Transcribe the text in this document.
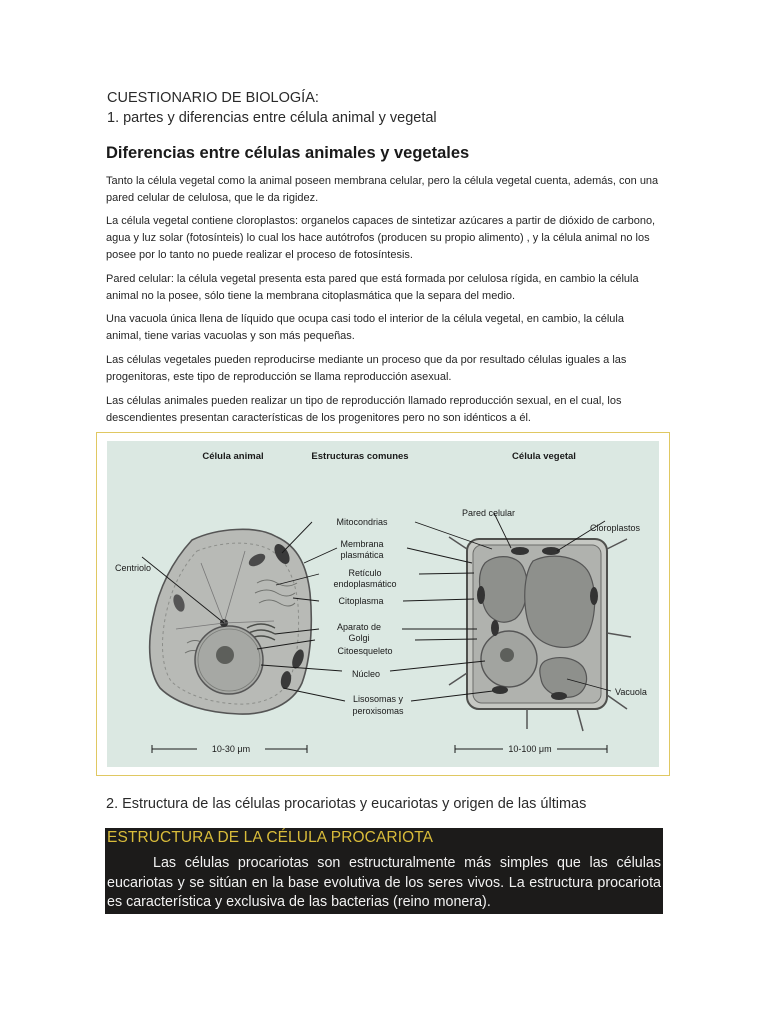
CUESTIONARIO DE BIOLOGÍA:
1. partes y diferencias entre célula animal y vegetal
Diferencias entre células animales y vegetales

Tanto la célula vegetal como la animal poseen membrana celular, pero la célula vegetal cuenta, además, con una pared celular de celulosa, que le da rigidez.

La célula vegetal contiene cloroplastos: organelos capaces de sintetizar azúcares a partir de dióxido de carbono, agua y luz solar (fotosínteis) lo cual los hace autótrofos (producen su propio alimento) , y la célula animal no los posee por lo tanto no puede realizar el proceso de fotosíntesis.

Pared celular: la célula vegetal presenta esta pared que está formada por celulosa rígida, en cambio la célula animal no la posee, sólo tiene la membrana citoplasmática que la separa del medio.

Una vacuola única llena de líquido que ocupa casi todo el interior de la célula vegetal, en cambio, la célula animal, tiene varias vacuolas y son más pequeñas.

Las células vegetales pueden reproducirse mediante un proceso que da por resultado células iguales a las progenitoras, este tipo de reproducción se llama reproducción asexual.

Las células animales pueden realizar un tipo de reproducción llamado reproducción sexual, en el cual, los descendientes presentan características de los progenitores pero no son idénticos a él.

Célula animal	Estructuras comunes	Célula vegetal
Centriolo
Pared celular
Cloroplastos
Vacuola
Mitocondrias
Membrana
plasmática
Retículo
endoplasmático
Citoplasma
Aparato de
Golgi
Citoesqueleto
Núcleo
Lisosomas y
peroxisomas
10-30 μm	10-100 μm
2. Estructura de las células procariotas y eucariotas y origen de las últimas
ESTRUCTURA DE LA CÉLULA PROCARIOTA

Las células procariotas son estructuralmente más simples que las células eucariotas y se sitúan en la base evolutiva de los seres vivos. La estructura procariota es característica y exclusiva de las bacterias (reino monera).
